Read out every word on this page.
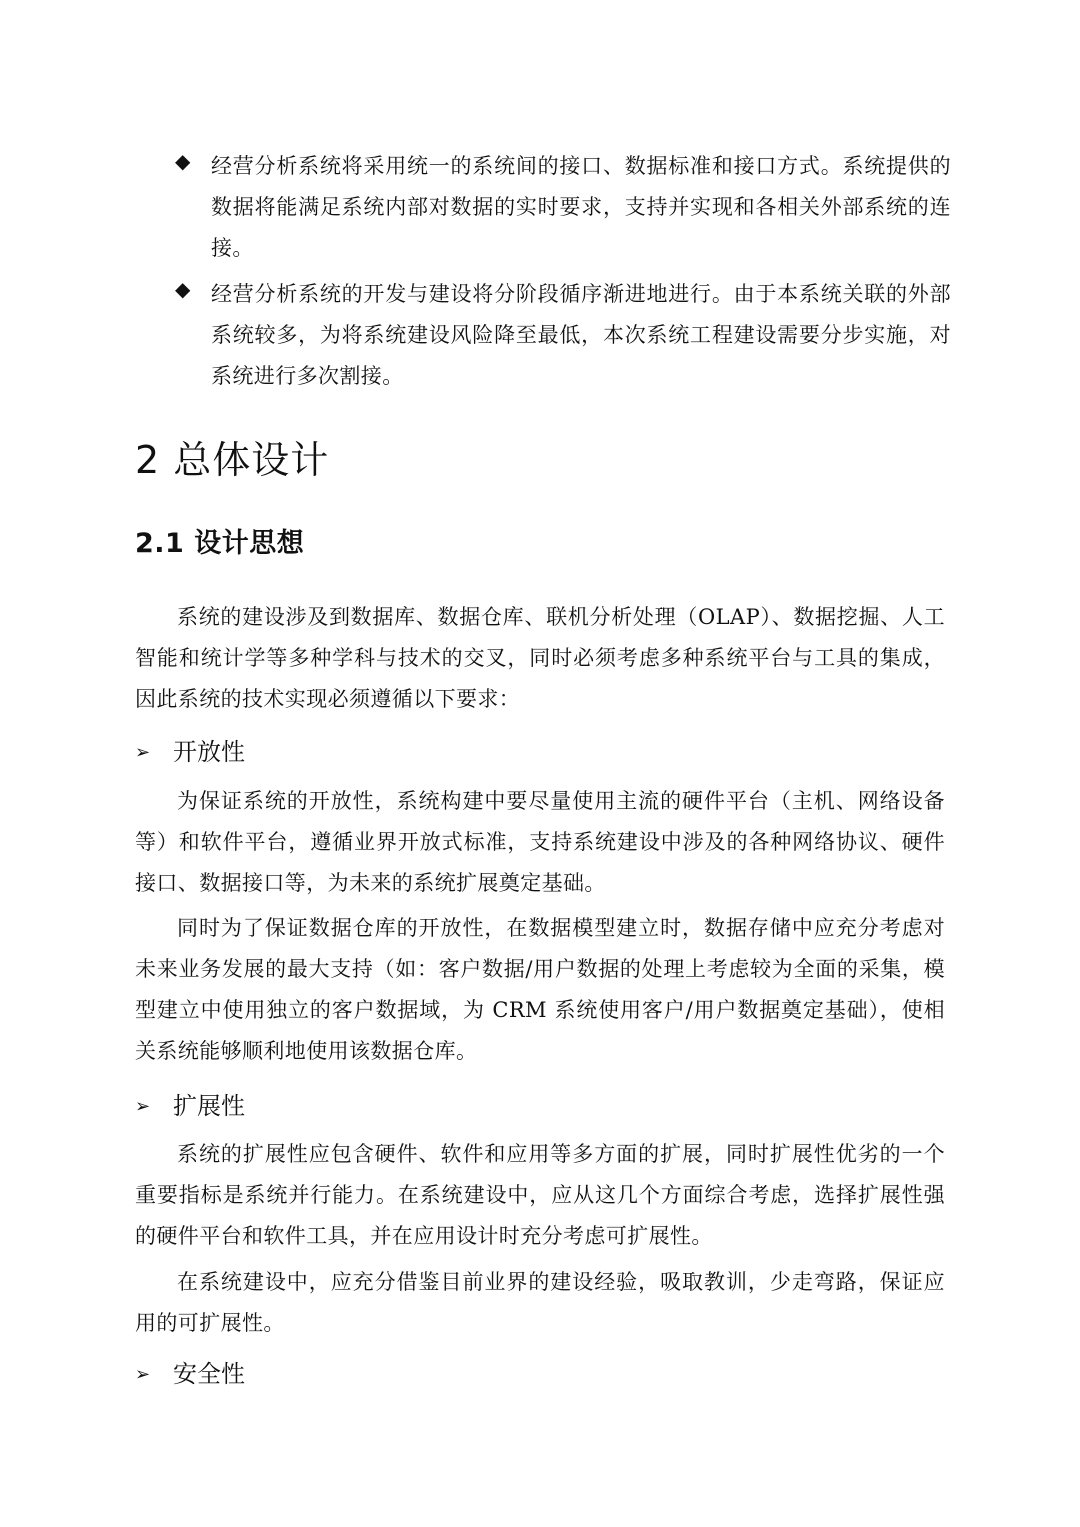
◆ 经营分析系统将采用统一的系统间的接口、数据标准和接口方式。系统提供的数据将能满足系统内部对数据的实时要求，支持并实现和各相关外部系统的连接。
◆ 经营分析系统的开发与建设将分阶段循序渐进地进行。由于本系统关联的外部系统较多，为将系统建设风险降至最低，本次系统工程建设需要分步实施，对系统进行多次割接。
2 总体设计
2.1 设计思想

系统的建设涉及到数据库、数据仓库、联机分析处理（OLAP）、数据挖掘、人工智能和统计学等多种学科与技术的交叉，同时必须考虑多种系统平台与工具的集成，因此系统的技术实现必须遵循以下要求：

➢ 开放性

为保证系统的开放性，系统构建中要尽量使用主流的硬件平台（主机、网络设备等）和软件平台，遵循业界开放式标准，支持系统建设中涉及的各种网络协议、硬件接口、数据接口等，为未来的系统扩展奠定基础。

同时为了保证数据仓库的开放性，在数据模型建立时，数据存储中应充分考虑对未来业务发展的最大支持（如：客户数据/用户数据的处理上考虑较为全面的采集，模型建立中使用独立的客户数据域，为 CRM 系统使用客户/用户数据奠定基础），使相关系统能够顺利地使用该数据仓库。

➢ 扩展性

系统的扩展性应包含硬件、软件和应用等多方面的扩展，同时扩展性优劣的一个重要指标是系统并行能力。在系统建设中，应从这几个方面综合考虑，选择扩展性强的硬件平台和软件工具，并在应用设计时充分考虑可扩展性。

在系统建设中，应充分借鉴目前业界的建设经验，吸取教训，少走弯路，保证应用的可扩展性。

➢ 安全性
